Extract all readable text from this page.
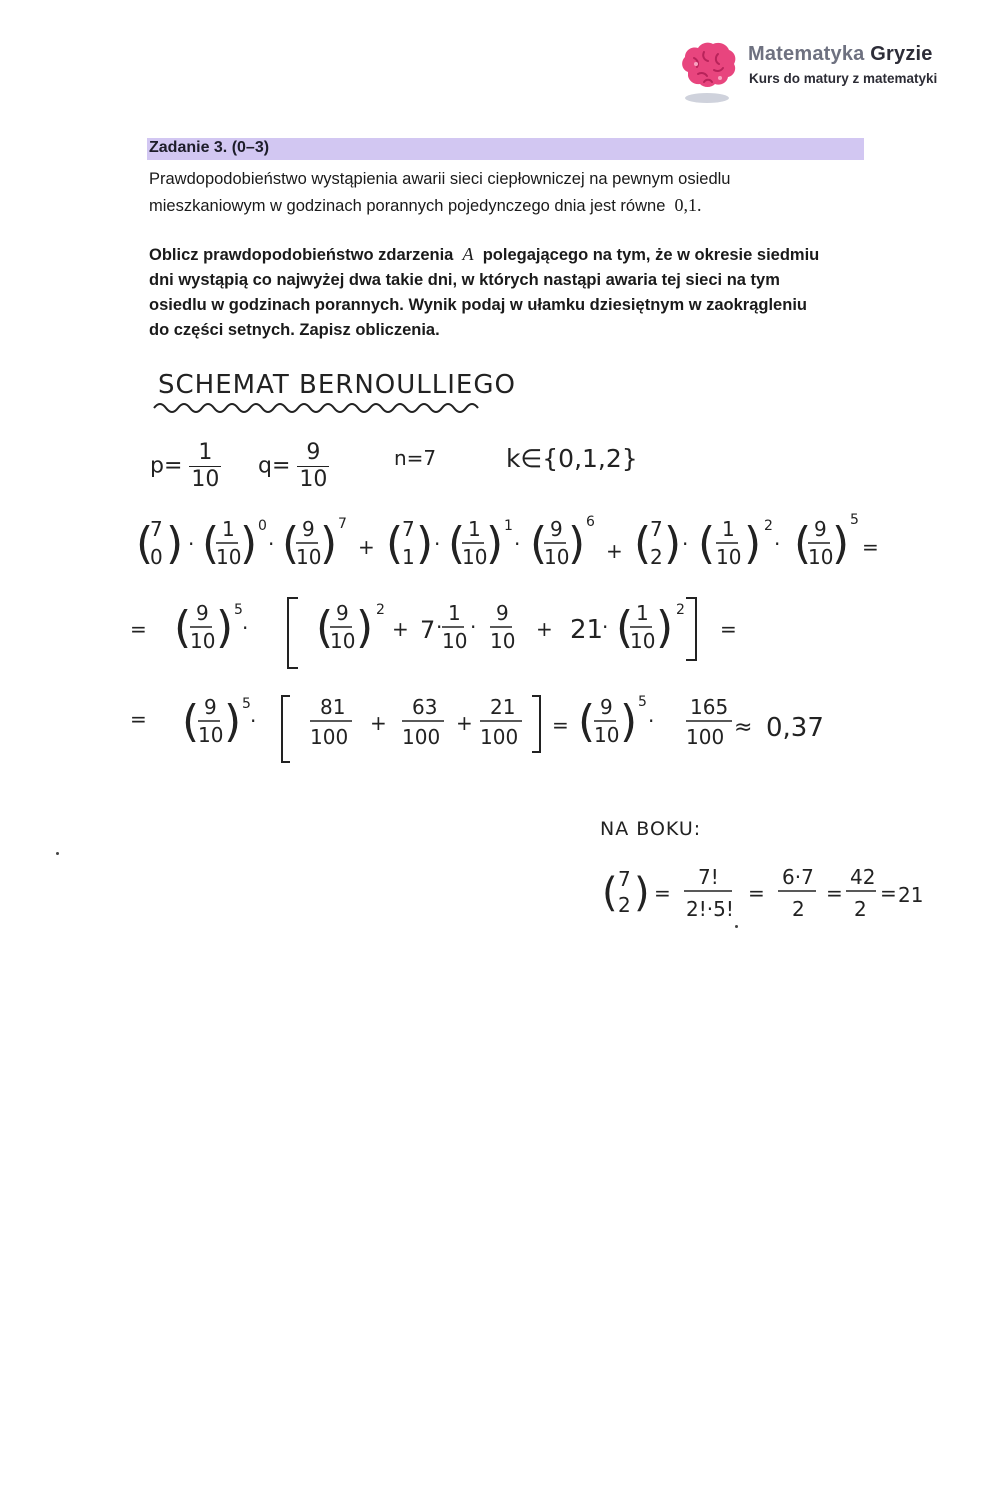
Matematyka Gryzie
Kurs do matury z matematyki
Zadanie 3. (0–3)

Prawdopodobieństwo wystąpienia awarii sieci ciepłowniczej na pewnym osiedlu

mieszkaniowym w godzinach porannych pojedynczego dnia jest równe 0,1.

Oblicz prawdopodobieństwo zdarzenia A polegającego na tym, że w okresie siedmiu
dni wystąpią co najwyżej dwa takie dni, w których nastąpi awaria tej sieci na tym
osiedlu w godzinach porannych. Wynik podaj w ułamku dziesiętnym w zaokrągleniu
do części setnych. Zapisz obliczenia.
SCHEMAT BERNOULLIEGO
$p= \frac{1}{10} q= \frac{9}{10}$	n=7	k∈{0,1,2}
(
7
0 ) · ( 1
10
) 0
· ( 9
10
) 7
+ (
7
1 ) · ( 1
10
) 1
· ( 9
10
) 6
+ (
7
2 ) · ( 1
10 ) 2
· ( 9
10
) 5
=
= ( 9
10 ) 5
· ( 9
10 ) 2
+ 7 ·
1
10
·
9
10 + 21
· ( 1
10 ) 2
=
= ( 9
10 ) 5
·
81
100
+
63
100
+
21
100 = ( 9
10 ) 5
·
165
100 ≈ 0,37
NA BOKU:
( 7
2 ) =
7!
2!·5!
=
6·7
2
=
42
2
= 21
